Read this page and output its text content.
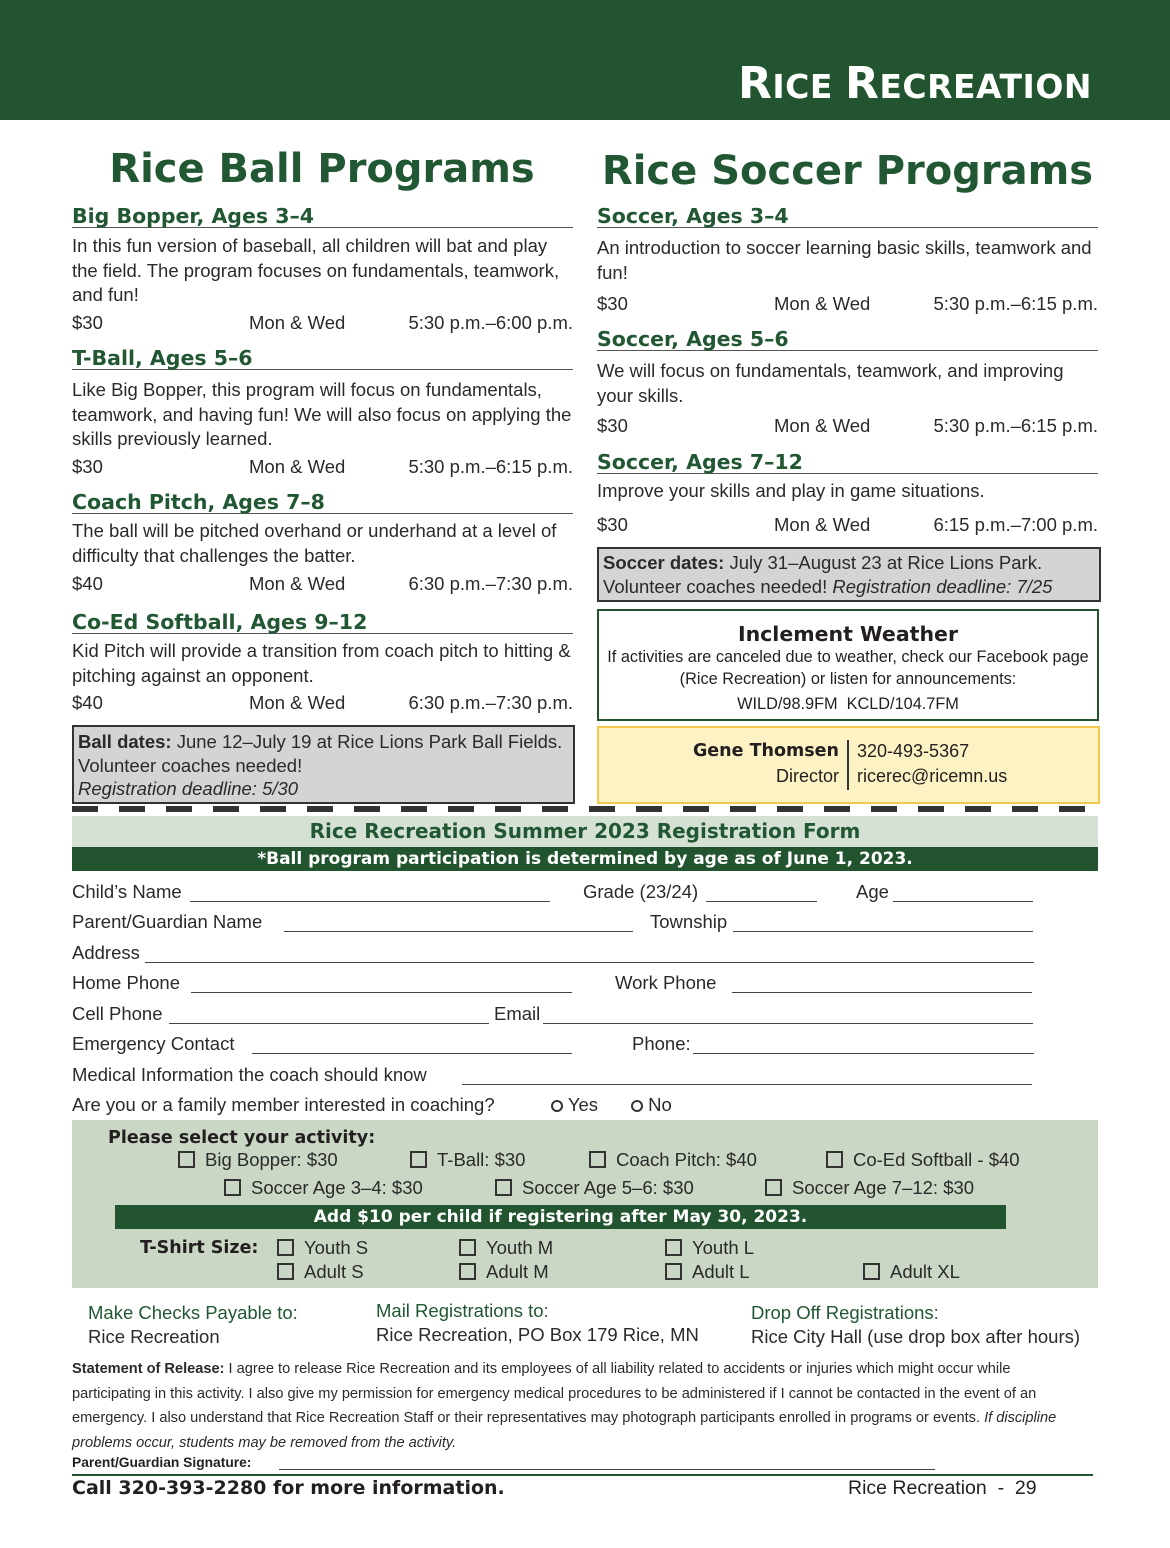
RICE RECREATION
Rice Ball Programs
Big Bopper, Ages 3–4
In this fun version of baseball, all children will bat and play the field. The program focuses on fundamentals, teamwork, and fun!
$30	Mon & Wed	5:30 p.m.–6:00 p.m.
T-Ball, Ages 5–6
Like Big Bopper, this program will focus on fundamentals, teamwork, and having fun! We will also focus on applying the skills previously learned.
$30	Mon & Wed	5:30 p.m.–6:15 p.m.
Coach Pitch, Ages 7–8
The ball will be pitched overhand or underhand at a level of difficulty that challenges the batter.
$40	Mon & Wed	6:30 p.m.–7:30 p.m.
Co-Ed Softball, Ages 9–12
Kid Pitch will provide a transition from coach pitch to hitting & pitching against an opponent.
$40	Mon & Wed	6:30 p.m.–7:30 p.m.
Ball dates: June 12–July 19 at Rice Lions Park Ball Fields. Volunteer coaches needed!
Registration deadline: 5/30
Rice Soccer Programs
Soccer, Ages 3–4
An introduction to soccer learning basic skills, teamwork and fun!
$30	Mon & Wed	5:30 p.m.–6:15 p.m.
Soccer, Ages 5–6
We will focus on fundamentals, teamwork, and improving your skills.
$30	Mon & Wed	5:30 p.m.–6:15 p.m.
Soccer, Ages 7–12
Improve your skills and play in game situations.
$30	Mon & Wed	6:15 p.m.–7:00 p.m.
Soccer dates: July 31–August 23 at Rice Lions Park. Volunteer coaches needed! Registration deadline: 7/25
Inclement Weather
If activities are canceled due to weather, check our Facebook page (Rice Recreation) or listen for announcements:
WILD/98.9FM  KCLD/104.7FM
Gene Thomsen
Director
320-493-5367
ricerec@ricemn.us
Rice Recreation Summer 2023 Registration Form
*Ball program participation is determined by age as of June 1, 2023.
Child’s Name	Grade (23/24)	Age
Parent/Guardian Name	Township
Address
Home Phone	Work Phone
Cell Phone	Email
Emergency Contact	Phone:
Medical Information the coach should know
Are you or a family member interested in coaching?	Yes	No
Please select your activity:
Big Bopper: $30	T-Ball: $30	Coach Pitch: $40	Co-Ed Softball - $40
Soccer Age 3–4: $30	Soccer Age 5–6: $30	Soccer Age 7–12: $30
Add $10 per child if registering after May 30, 2023.
T-Shirt Size:	Youth S	Youth M	Youth L
Adult S	Adult M	Adult L	Adult XL
Make Checks Payable to:
Rice Recreation
Mail Registrations to:
Rice Recreation, PO Box 179 Rice, MN
Drop Off Registrations:
Rice City Hall (use drop box after hours)
Statement of Release: I agree to release Rice Recreation and its employees of all liability related to accidents or injuries which might occur while participating in this activity. I also give my permission for emergency medical procedures to be administered if I cannot be contacted in the event of an emergency. I also understand that Rice Recreation Staff or their representatives may photograph participants enrolled in programs or events. If discipline problems occur, students may be removed from the activity.
Parent/Guardian Signature:
Call 320-393-2280 for more information.	Rice Recreation  -  29
